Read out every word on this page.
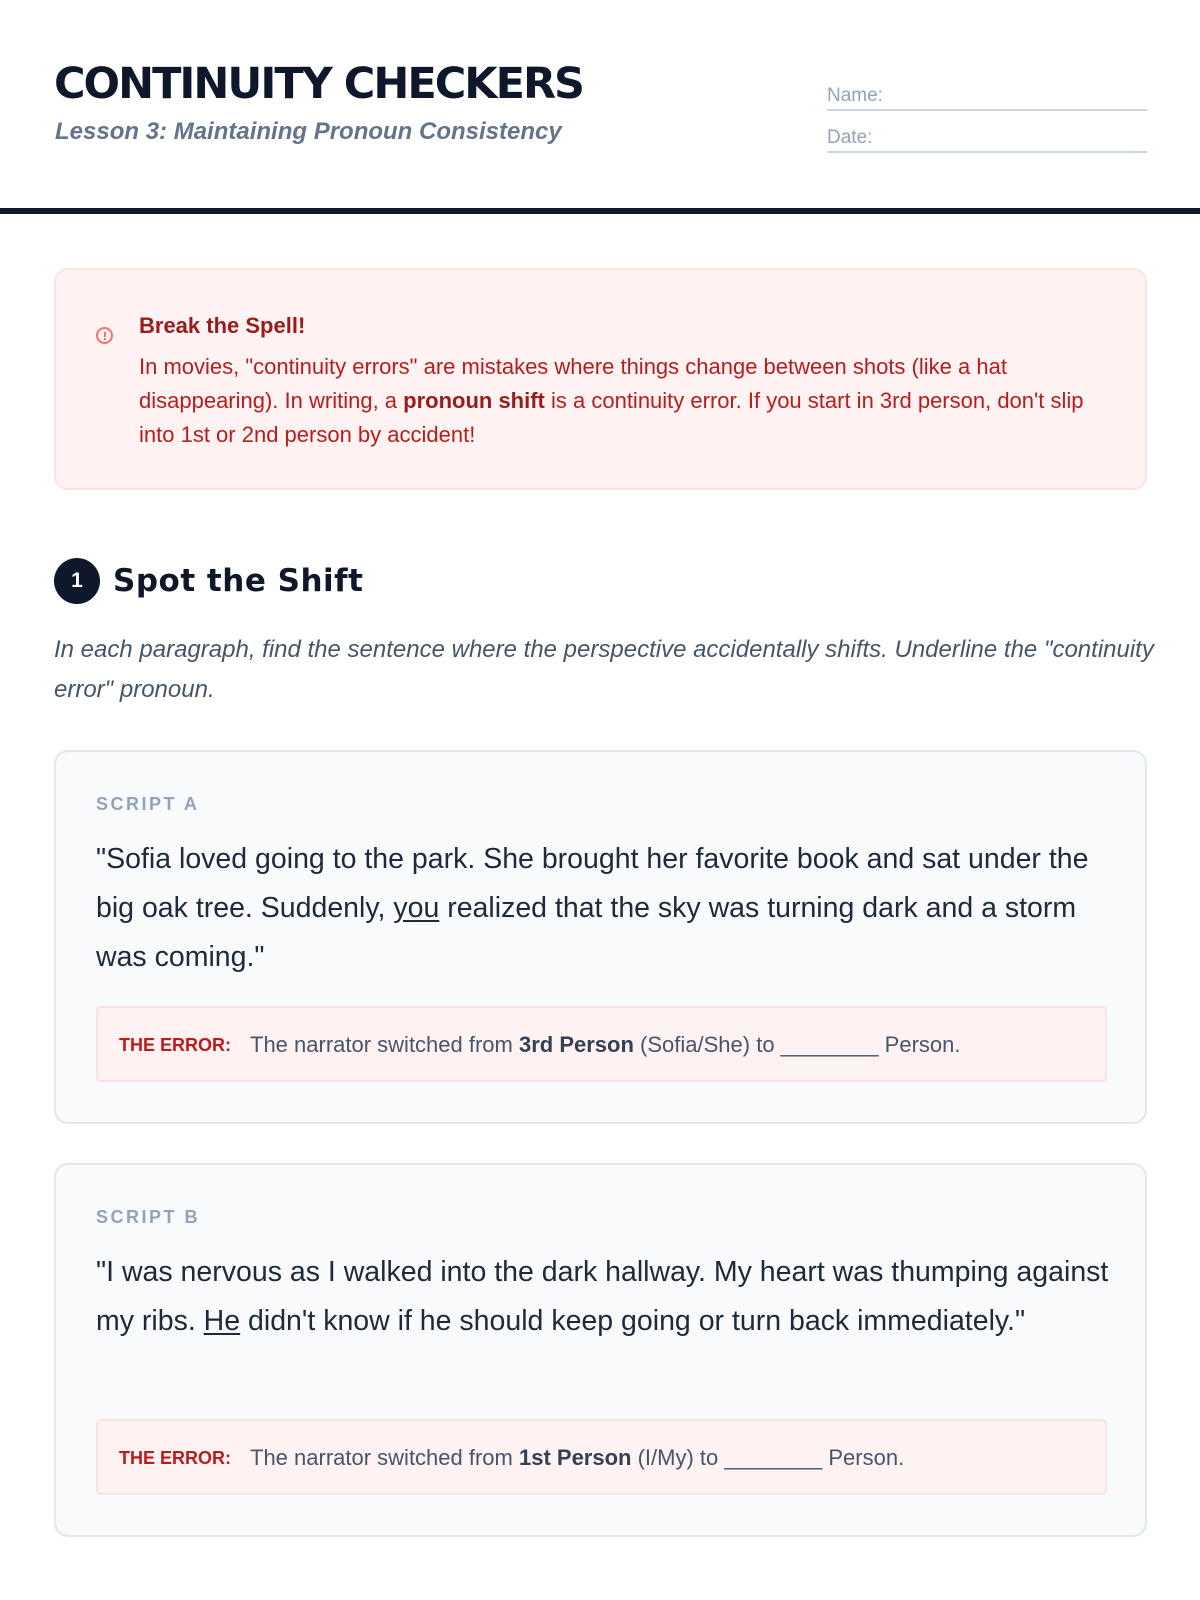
CONTINUITY CHECKERS
Lesson 3: Maintaining Pronoun Consistency
Name:
Date:
Break the Spell!
In movies, "continuity errors" are mistakes where things change between shots (like a hat disappearing). In writing, a pronoun shift is a continuity error. If you start in 3rd person, don't slip into 1st or 2nd person by accident!
1 Spot the Shift
In each paragraph, find the sentence where the perspective accidentally shifts. Underline the "continuity error" pronoun.
SCRIPT A
"Sofia loved going to the park. She brought her favorite book and sat under the big oak tree. Suddenly, you realized that the sky was turning dark and a storm was coming."
THE ERROR: The narrator switched from 3rd Person (Sofia/She) to ________ Person.
SCRIPT B
"I was nervous as I walked into the dark hallway. My heart was thumping against my ribs. He didn't know if he should keep going or turn back immediately."
THE ERROR: The narrator switched from 1st Person (I/My) to ________ Person.
